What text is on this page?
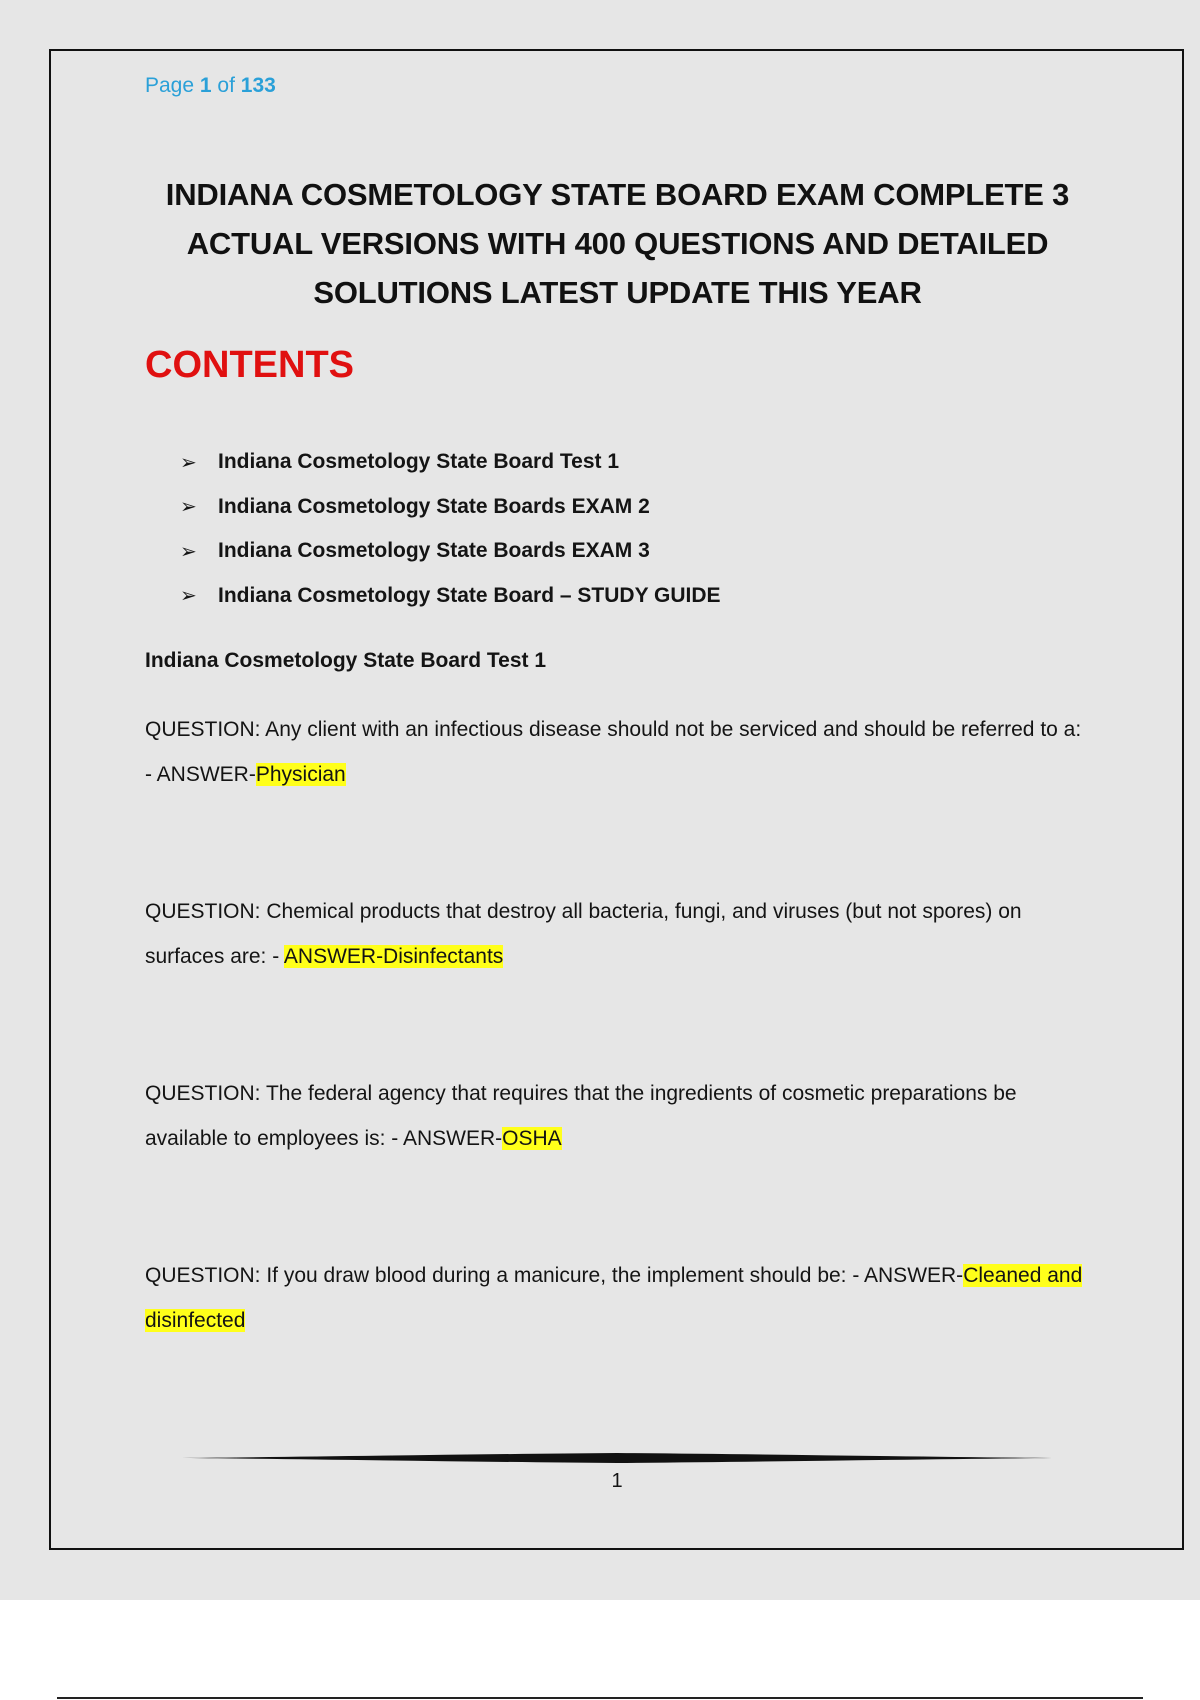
Page 1 of 133
INDIANA COSMETOLOGY STATE BOARD EXAM COMPLETE 3
ACTUAL VERSIONS WITH 400 QUESTIONS AND DETAILED
SOLUTIONS LATEST UPDATE THIS YEAR
CONTENTS
➢	Indiana Cosmetology State Board Test 1
➢	Indiana Cosmetology State Boards EXAM 2
➢	Indiana Cosmetology State Boards EXAM 3
➢	Indiana Cosmetology State Board – STUDY GUIDE
Indiana Cosmetology State Board Test 1
QUESTION: Any client with an infectious disease should not be serviced and should be referred to a: - ANSWER-Physician
QUESTION: Chemical products that destroy all bacteria, fungi, and viruses (but not spores) on surfaces are: - ANSWER-Disinfectants
QUESTION: The federal agency that requires that the ingredients of cosmetic preparations be available to employees is: - ANSWER-OSHA
QUESTION: If you draw blood during a manicure, the implement should be: - ANSWER-Cleaned and disinfected
1
